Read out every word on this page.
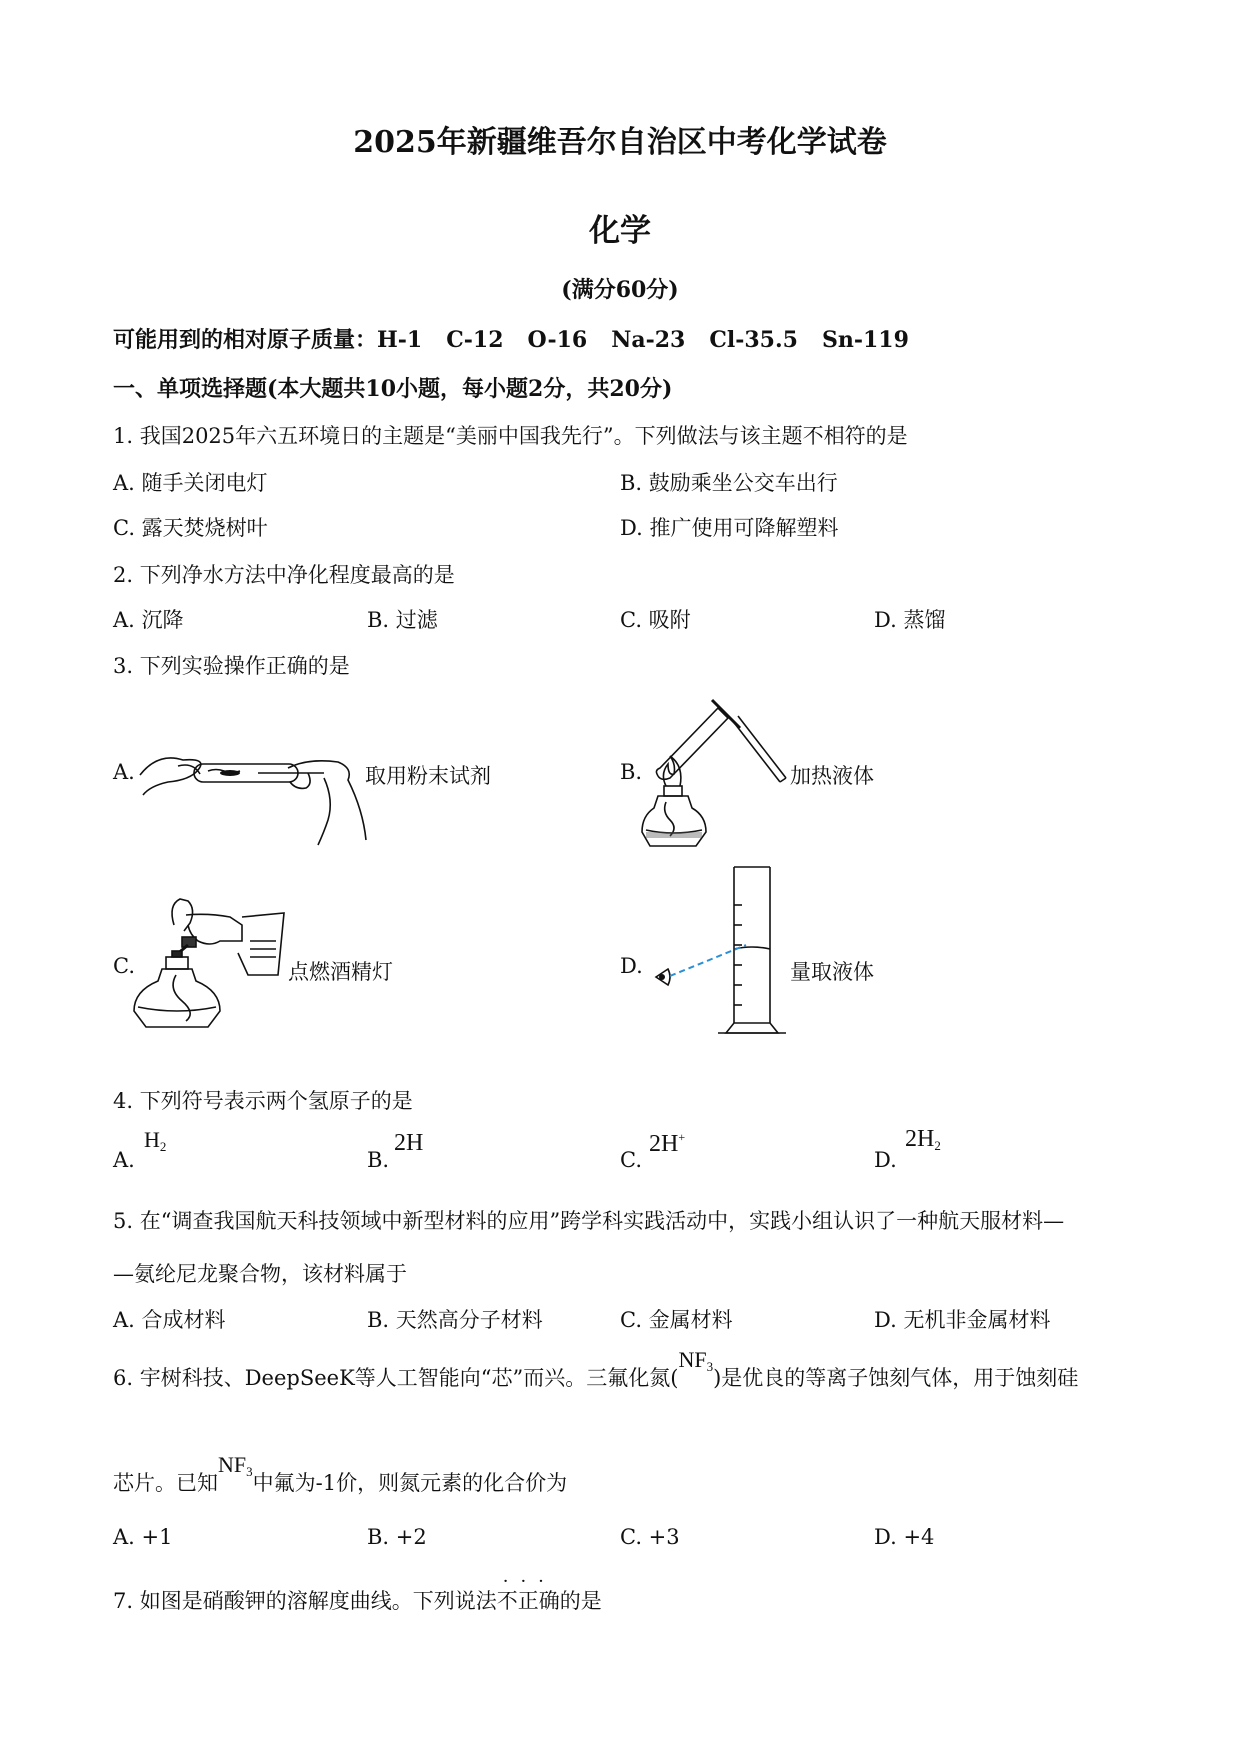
2025年新疆维吾尔自治区中考化学试卷
化学
(满分60分)
可能用到的相对原子质量：H-1 C-12 O-16 Na-23 Cl-35.5 Sn-119
一、单项选择题(本大题共10小题，每小题2分，共20分)
1. 我国2025年六五环境日的主题是“美丽中国我先行”。下列做法与该主题不相符的是
A. 随手关闭电灯	B. 鼓励乘坐公交车出行
C. 露天焚烧树叶	D. 推广使用可降解塑料
2. 下列净水方法中净化程度最高的是
A. 沉降	B. 过滤	C. 吸附	D. 蒸馏
3. 下列实验操作正确的是
A.	取用粉末试剂	B.	加热液体
C.	点燃酒精灯	D.	量取液体
4. 下列符号表示两个氢原子的是
A.
$H_2$
B.
2H
C.
2H+
D.
$2H_2$
5. 在“调查我国航天科技领域中新型材料的应用”跨学科实践活动中，实践小组认识了一种航天服材料—
—氨纶尼龙聚合物，该材料属于
A. 合成材料	B. 天然高分子材料	C. 金属材料	D. 无机非金属材料
6. 宇树科技、DeepSeeK等人工智能向“芯”而兴。三氟化氮$(NF_3)$是优良的等离子蚀刻气体，用于蚀刻硅
芯片。已知$NF_3$中氟为-1价，则氮元素的化合价为
A. +1	B. +2	C. +3	D. +4
7. 如图是硝酸钾的溶解度曲线。下列说法
···
不正确的是
